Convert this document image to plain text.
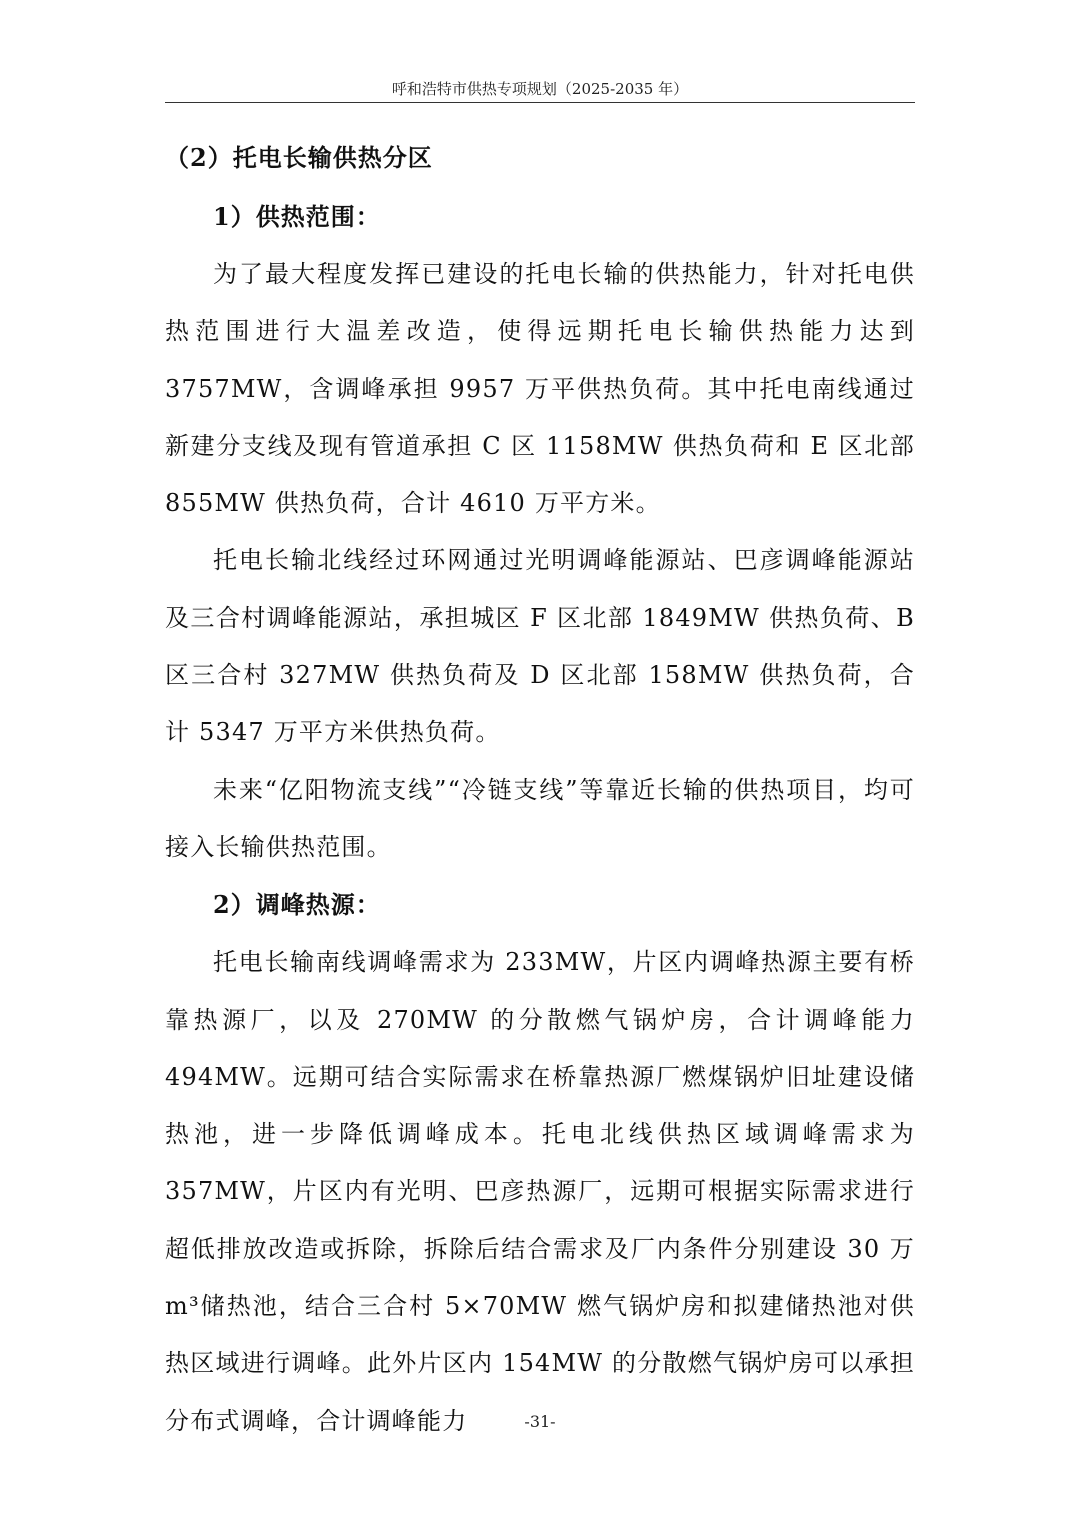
呼和浩特市供热专项规划（2025-2035 年）

（2）托电长输供热分区

1）供热范围：

为了最大程度发挥已建设的托电长输的供热能力，针对托电供热范围进行大温差改造，使得远期托电长输供热能力达到 3757MW，含调峰承担 9957 万平供热负荷。其中托电南线通过新建分支线及现有管道承担 C 区 1158MW 供热负荷和 E 区北部 855MW 供热负荷，合计 4610 万平方米。

托电长输北线经过环网通过光明调峰能源站、巴彦调峰能源站及三合村调峰能源站，承担城区 F 区北部 1849MW 供热负荷、B 区三合村 327MW 供热负荷及 D 区北部 158MW 供热负荷，合计 5347 万平方米供热负荷。

未来“亿阳物流支线”“冷链支线”等靠近长输的供热项目，均可接入长输供热范围。

2）调峰热源：

托电长输南线调峰需求为 233MW，片区内调峰热源主要有桥靠热源厂，以及 270MW 的分散燃气锅炉房，合计调峰能力 494MW。远期可结合实际需求在桥靠热源厂燃煤锅炉旧址建设储热池，进一步降低调峰成本。托电北线供热区域调峰需求为 357MW，片区内有光明、巴彦热源厂，远期可根据实际需求进行超低排放改造或拆除，拆除后结合需求及厂内条件分别建设 30 万 m³储热池，结合三合村 5×70MW 燃气锅炉房和拟建储热池对供热区域进行调峰。此外片区内 154MW 的分散燃气锅炉房可以承担分布式调峰，合计调峰能力	-31-
